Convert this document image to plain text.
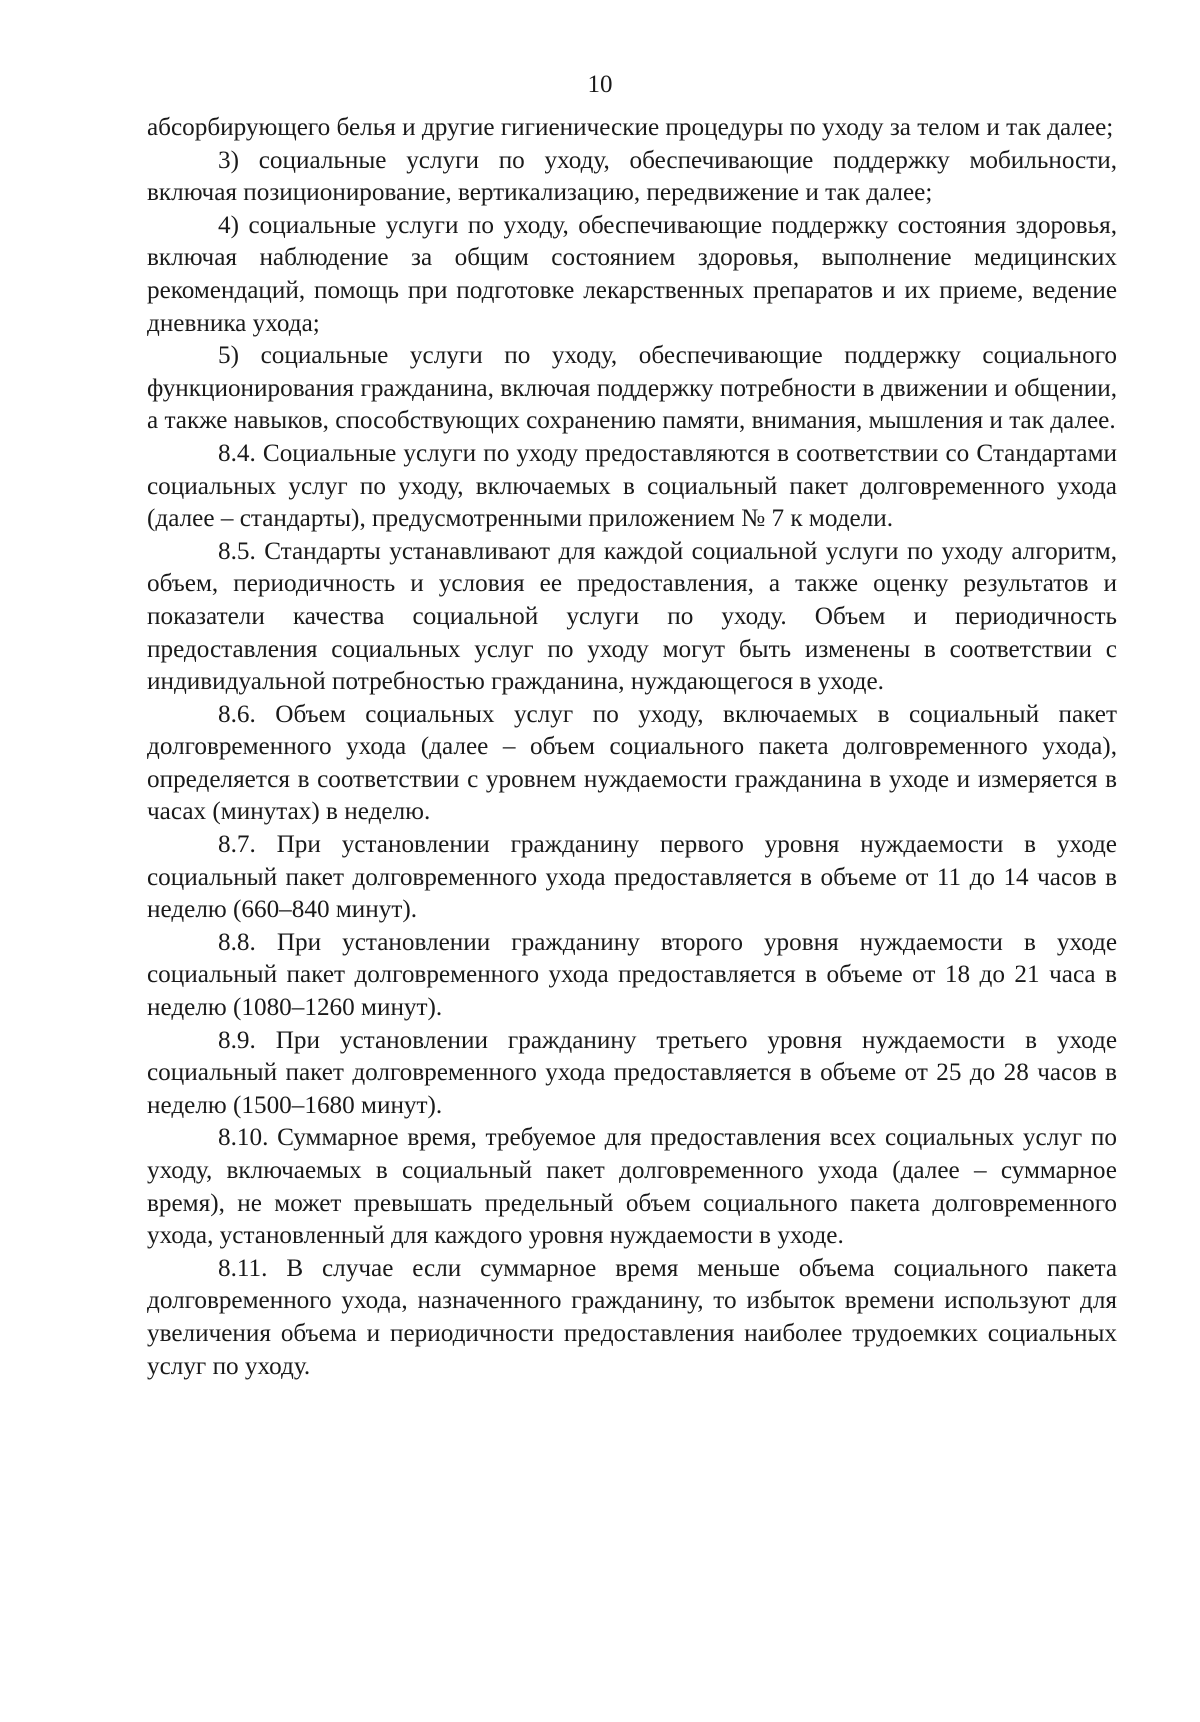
10

абсорбирующего белья и другие гигиенические процедуры по уходу за телом и так далее;

3) социальные услуги по уходу, обеспечивающие поддержку мобильности, включая позиционирование, вертикализацию, передвижение и так далее;

4) социальные услуги по уходу, обеспечивающие поддержку состояния здоровья, включая наблюдение за общим состоянием здоровья, выполнение медицинских рекомендаций, помощь при подготовке лекарственных препаратов и их приеме, ведение дневника ухода;

5) социальные услуги по уходу, обеспечивающие поддержку социального функционирования гражданина, включая поддержку потребности в движении и общении, а также навыков, способствующих сохранению памяти, внимания, мышления и так далее.

8.4. Социальные услуги по уходу предоставляются в соответствии со Стандартами социальных услуг по уходу, включаемых в социальный пакет долговременного ухода (далее – стандарты), предусмотренными приложением № 7 к модели.

8.5. Стандарты устанавливают для каждой социальной услуги по уходу алгоритм, объем, периодичность и условия ее предоставления, а также оценку результатов и показатели качества социальной услуги по уходу. Объем и периодичность предоставления социальных услуг по уходу могут быть изменены в соответствии с индивидуальной потребностью гражданина, нуждающегося в уходе.

8.6. Объем социальных услуг по уходу, включаемых в социальный пакет долговременного ухода (далее – объем социального пакета долговременного ухода), определяется в соответствии с уровнем нуждаемости гражданина в уходе и измеряется в часах (минутах) в неделю.

8.7. При установлении гражданину первого уровня нуждаемости в уходе социальный пакет долговременного ухода предоставляется в объеме от 11 до 14 часов в неделю (660–840 минут).

8.8. При установлении гражданину второго уровня нуждаемости в уходе социальный пакет долговременного ухода предоставляется в объеме от 18 до 21 часа в неделю (1080–1260 минут).

8.9. При установлении гражданину третьего уровня нуждаемости в уходе социальный пакет долговременного ухода предоставляется в объеме от 25 до 28 часов в неделю (1500–1680 минут).

8.10. Суммарное время, требуемое для предоставления всех социальных услуг по уходу, включаемых в социальный пакет долговременного ухода (далее – суммарное время), не может превышать предельный объем социального пакета долговременного ухода, установленный для каждого уровня нуждаемости в уходе.

8.11. В случае если суммарное время меньше объема социального пакета долговременного ухода, назначенного гражданину, то избыток времени используют для увеличения объема и периодичности предоставления наиболее трудоемких социальных услуг по уходу.
